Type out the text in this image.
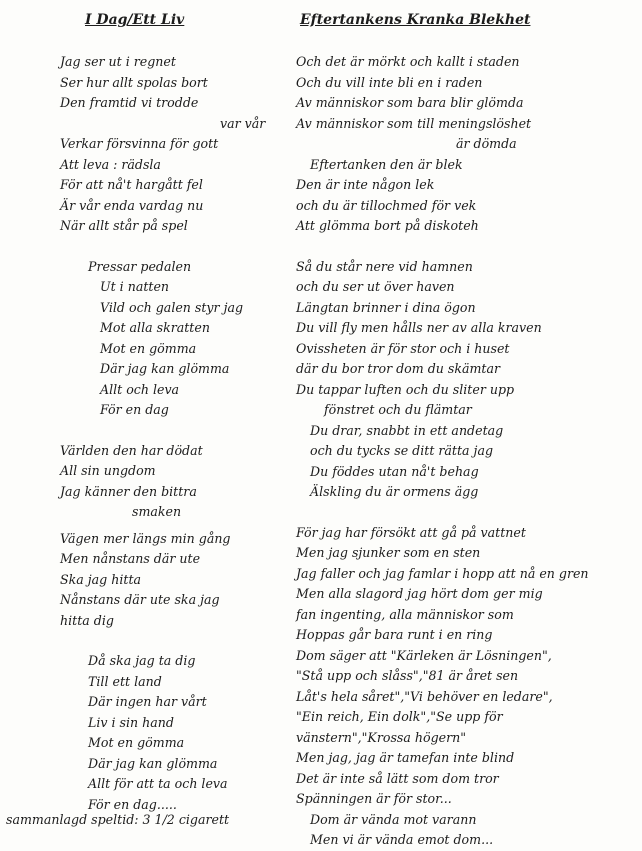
I Dag/Ett Liv	Eftertankens Kranka Blekhet
Jag ser ut i regnet
Ser hur allt spolas bort
Den framtid vi trodde
var vår
Verkar försvinna för gott
Att leva : rädsla
För att nå't hargått fel
Är vår enda vardag nu
När allt står på spel
Pressar pedalen
Ut i natten
Vild och galen styr jag
Mot alla skratten
Mot en gömma
Där jag kan glömma
Allt och leva
För en dag
Världen den har dödat
All sin ungdom
Jag känner den bittra
smaken
Vägen mer längs min gång
Men nånstans där ute
Ska jag hitta
Nånstans där ute ska jag
hitta dig
Då ska jag ta dig
Till ett land
Där ingen har vårt
Liv i sin hand
Mot en gömma
Där jag kan glömma
Allt för att ta och leva
För en dag.....
Och det är mörkt och kallt i staden
Och du vill inte bli en i raden
Av människor som bara blir glömda
Av människor som till meningslöshet
är dömda
Eftertanken den är blek
Den är inte någon lek
och du är tillochmed för vek
Att glömma bort på diskoteh
Så du står nere vid hamnen
och du ser ut över haven
Längtan brinner i dina ögon
Du vill fly men hålls ner av alla kraven
Ovissheten är för stor och i huset
där du bor tror dom du skämtar
Du tappar luften och du sliter upp
fönstret och du flämtar
Du drar, snabbt in ett andetag
och du tycks se ditt rätta jag
Du föddes utan nå't behag
Älskling du är ormens ägg
För jag har försökt att gå på vattnet
Men jag sjunker som en sten
Jag faller och jag famlar i hopp att nå en gren
Men alla slagord jag hört dom ger mig
fan ingenting, alla människor som
Hoppas går bara runt i en ring
Dom säger att "Kärleken är Lösningen",
"Stå upp och slåss","81 är året sen
Låt's hela såret","Vi behöver en ledare",
"Ein reich, Ein dolk","Se upp för
vänstern","Krossa högern"
Men jag, jag är tamefan inte blind
Det är inte så lätt som dom tror
Spänningen är för stor...
Dom är vända mot varann
Men vi är vända emot dom...
sammanlagd speltid: 3 1/2 cigarett
